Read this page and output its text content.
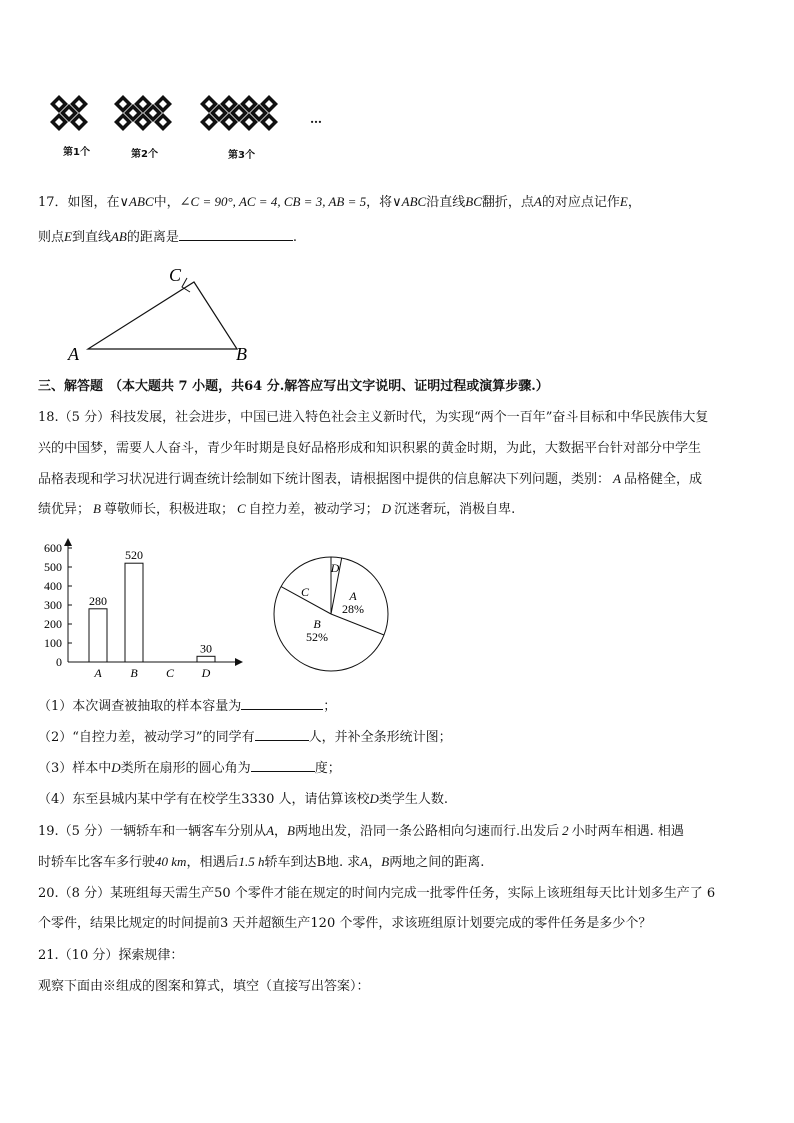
第1个	第2个	第3个
…
17．如图，在∨ABC中，∠C = 90°, AC = 4, CB = 3, AB = 5，将∨ABC沿直线BC翻折，点A的对应点记作E，
则点E到直线AB的距离是	.
A	B
C
三、解答题 （本大题共 7 小题，共64 分.解答应写出文字说明、证明过程或演算步骤.）
18.（5 分）科技发展，社会进步，中国已进入特色社会主义新时代，为实现“两个一百年”奋斗目标和中华民族伟大复
兴的中国梦，需要人人奋斗，青少年时期是良好品格形成和知识积累的黄金时期，为此，大数据平台针对部分中学生
品格表现和学习状况进行调查统计绘制如下统计图表，请根据图中提供的信息解决下列问题，类别： A 品格健全，成
绩优异； B 尊敬师长，积极进取； C 自控力差，被动学习； D 沉迷奢玩，消极自卑.
0
100
200
300
400
500
600
280
520
30
A B C D
D
A
28%
B
52%
C
（1）本次调查被抽取的样本容量为	；
（2）“自控力差，被动学习”的同学有	人，并补全条形统计图；
（3）样本中D类所在扇形的圆心角为	度；
（4）东至县城内某中学有在校学生3330 人，请估算该校D类学生人数.
19.（5 分）一辆轿车和一辆客车分别从A，B两地出发，沿同一条公路相向匀速而行.出发后 2 小时两车相遇. 相遇
时轿车比客车多行驶40 km，相遇后1.5 h轿车到达B地. 求A，B两地之间的距离.
20.（8 分）某班组每天需生产50 个零件才能在规定的时间内完成一批零件任务，实际上该班组每天比计划多生产了 6
个零件，结果比规定的时间提前3 天并超额生产120 个零件，求该班组原计划要完成的零件任务是多少个？
21.（10 分）探索规律：
观察下面由※组成的图案和算式，填空（直接写出答案）：
